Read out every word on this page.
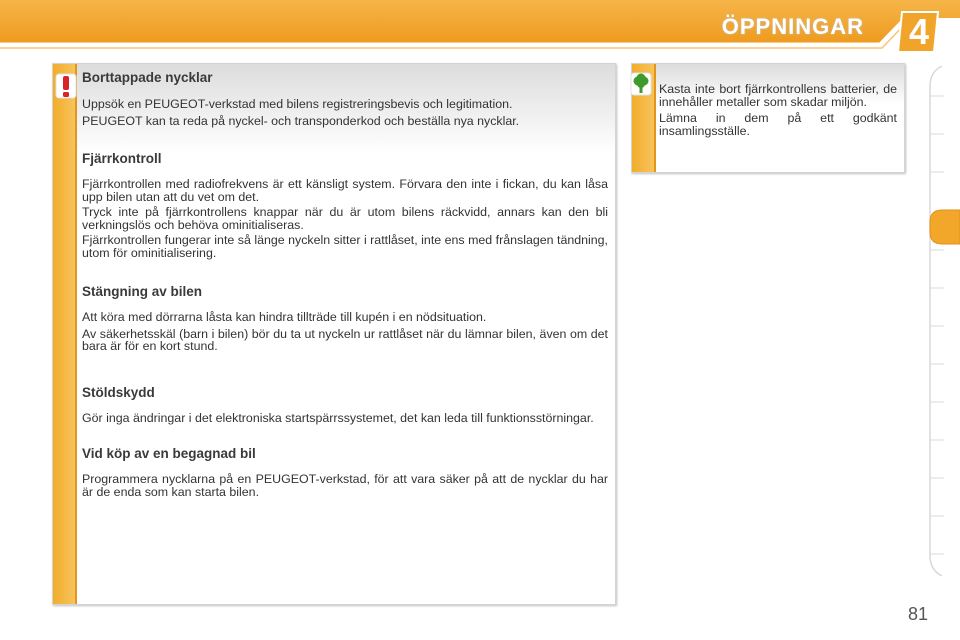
ÖPPNINGAR	4
Borttappade nycklar

Uppsök en PEUGEOT-verkstad med bilens registreringsbevis och legitimation.

PEUGEOT kan ta reda på nyckel- och transponderkod och beställa nya nycklar.

Fjärrkontroll

Fjärrkontrollen med radiofrekvens är ett känsligt system. Förvara den inte i fickan, du kan låsa upp bilen utan att du vet om det.

Tryck inte på fjärrkontrollens knappar när du är utom bilens räckvidd, annars kan den bli verkningslös och behöva ominitialiseras.

Fjärrkontrollen fungerar inte så länge nyckeln sitter i rattlåset, inte ens med frånslagen tändning, utom för ominitialisering.

Stängning av bilen

Att köra med dörrarna låsta kan hindra tillträde till kupén i en nödsituation.

Av säkerhetsskäl (barn i bilen) bör du ta ut nyckeln ur rattlåset när du lämnar bilen, även om det bara är för en kort stund.

Stöldskydd

Gör inga ändringar i det elektroniska startspärrssystemet, det kan leda till funktionsstörningar.

Vid köp av en begagnad bil

Programmera nycklarna på en PEUGEOT-verkstad, för att vara säker på att de nycklar du har är de enda som kan starta bilen.

Kasta inte bort fjärrkontrollens batterier, de innehåller metaller som skadar miljön.

Lämna in dem på ett godkänt insamlingsställe.

81
